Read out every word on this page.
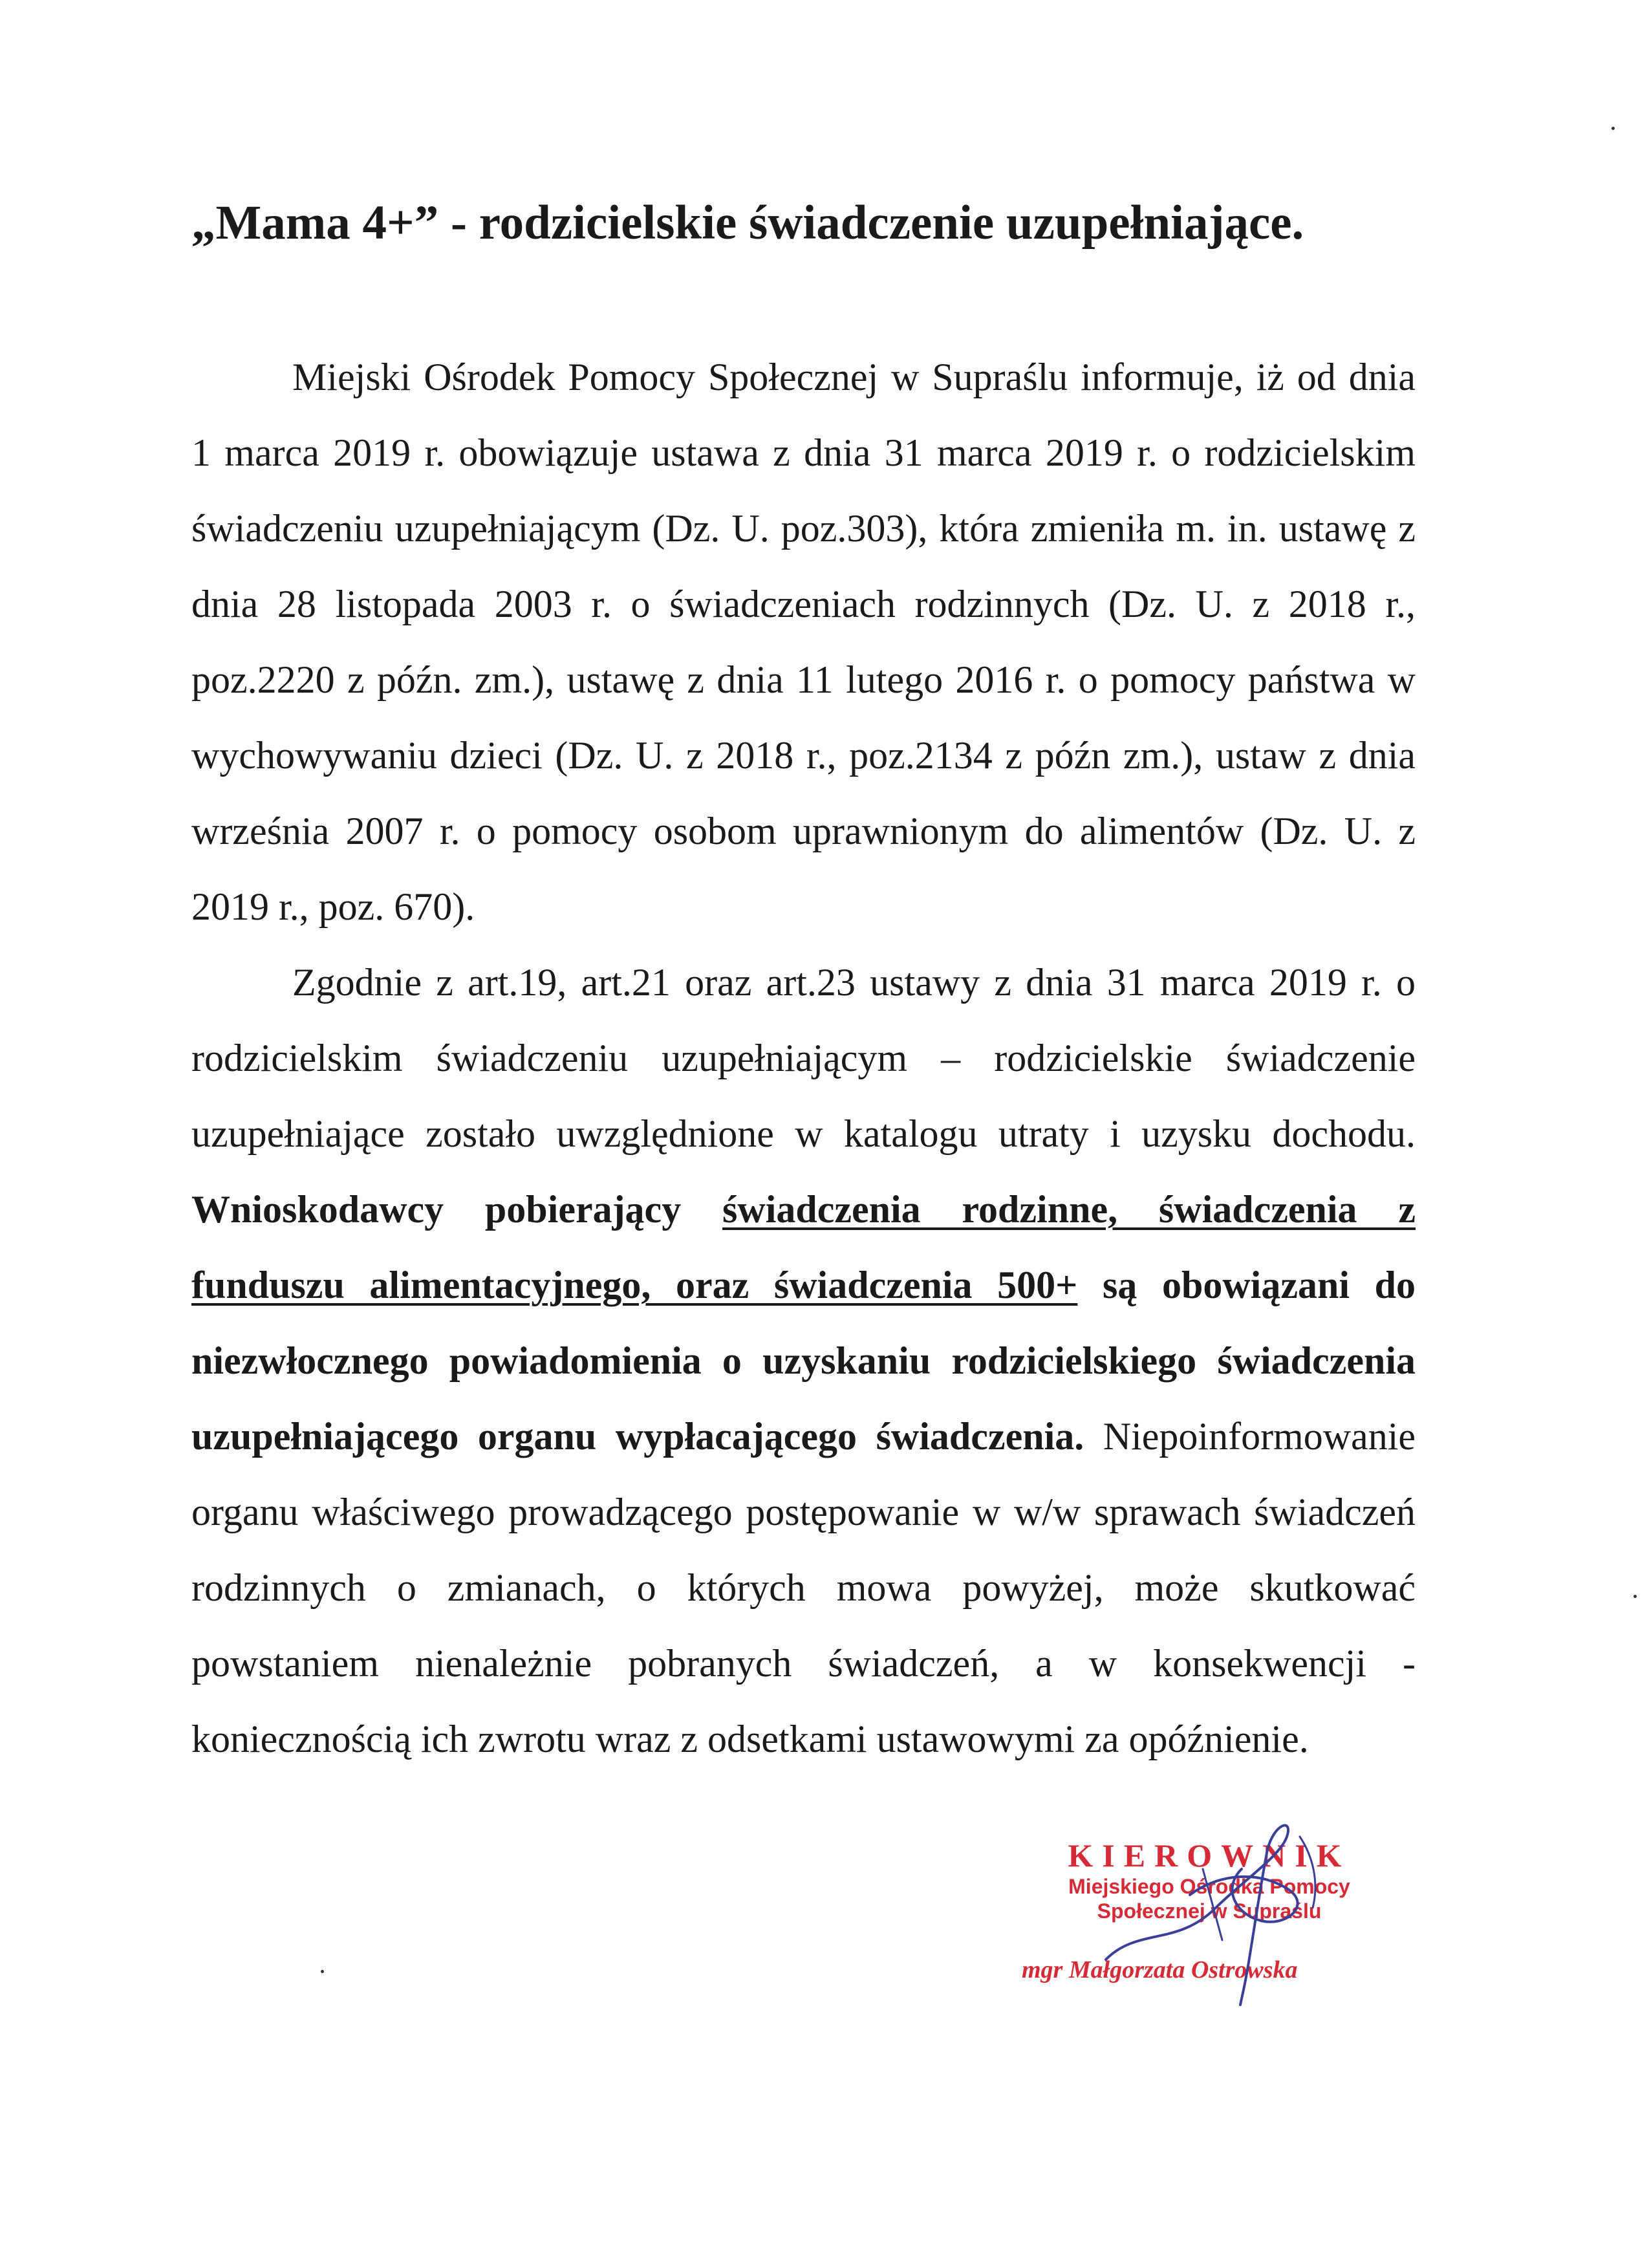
„Mama 4+” - rodzicielskie świadczenie uzupełniające.

Miejski Ośrodek Pomocy Społecznej w Supraślu informuje, iż od dnia 1 marca 2019 r. obowiązuje ustawa z dnia 31 marca 2019 r. o rodzicielskim świadczeniu uzupełniającym (Dz. U. poz.303), która zmieniła m. in. ustawę z dnia 28 listopada 2003 r. o świadczeniach rodzinnych (Dz. U. z 2018 r., poz.2220 z późn. zm.), ustawę z dnia 11 lutego 2016 r. o pomocy państwa w wychowywaniu dzieci (Dz. U. z 2018 r., poz.2134 z późn zm.), ustaw z dnia września 2007 r. o pomocy osobom uprawnionym do alimentów (Dz. U. z 2019 r., poz. 670).

Zgodnie z art.19, art.21 oraz art.23 ustawy z dnia 31 marca 2019 r. o rodzicielskim świadczeniu uzupełniającym – rodzicielskie świadczenie uzupełniające zostało uwzględnione w katalogu utraty i uzysku dochodu. Wnioskodawcy pobierający świadczenia rodzinne, świadczenia z funduszu alimentacyjnego, oraz świadczenia 500+ są obowiązani do niezwłocznego powiadomienia o uzyskaniu rodzicielskiego świadczenia uzupełniającego organu wypłacającego świadczenia. Niepoinformowanie organu właściwego prowadzącego postępowanie w w/w sprawach świadczeń rodzinnych o zmianach, o których mowa powyżej, może skutkować powstaniem nienależnie pobranych świadczeń, a w konsekwencji - koniecznością ich zwrotu wraz z odsetkami ustawowymi za opóźnienie.

KIEROWNIK

Miejskiego Ośrodka Pomocy

Społecznej w Supraślu

mgr Małgorzata Ostrowska
